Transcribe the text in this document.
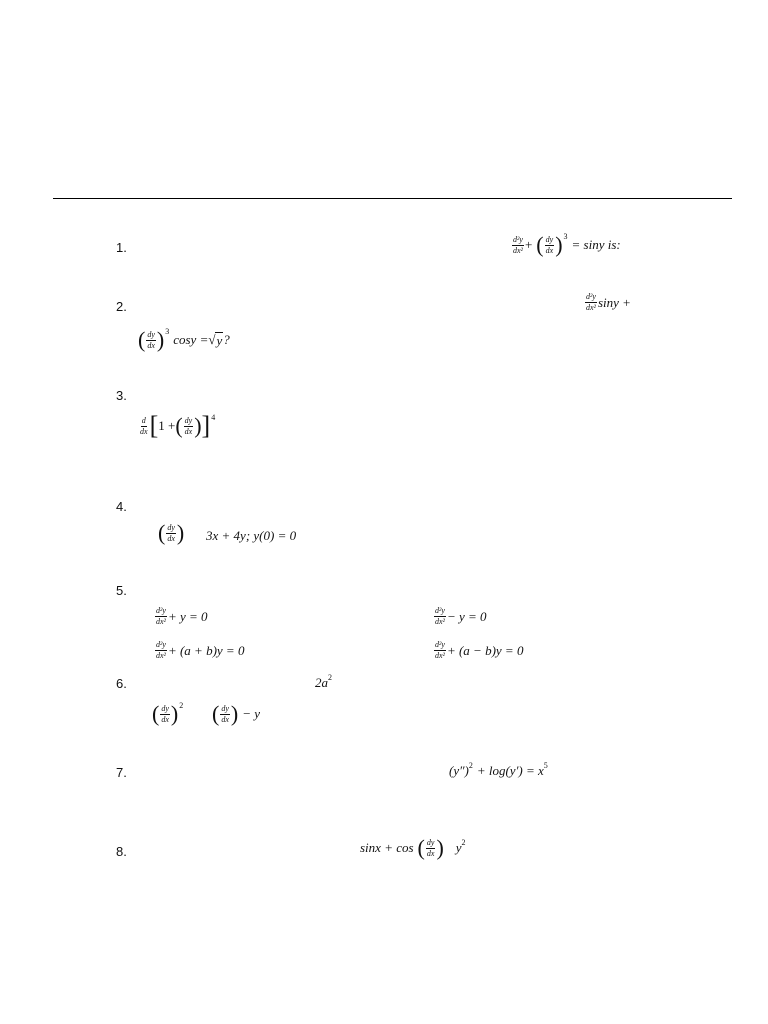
1.	$\frac{\text{d²y}}{\text{dx²}}$ + ( $\frac{dy}{dx}$ ) 3
= siny is:
2.	$\frac{\text{d²y}}{\text{dx²}}$ siny +
( $\frac{dy}{dx}$ ) 3
cosy = √ y ?
3.
$\frac{d}{dx}$ [ 1 + ( $\frac{dy}{dx}$ ) ] 4
4.
( $\frac{dy}{dx}$ ) 3x + 4y; y(0) = 0
5.
$\frac{\text{d²y}}{\text{dx²}} + y = 0$	$\frac{\text{d²y}}{\text{dx²}} - y = 0$
$\frac{\text{d²y}}{\text{dx²}} + (a + b)y = 0$	$\frac{\text{d²y}}{\text{dx²}} + (a - b)y = 0$
6.	2a 2
( $\frac{dy}{dx}$ ) 2 ( $\frac{dy}{dx}$ ) − y
7.	(y″) 2 + log(y′) = x 5
8.	sinx + cos ( $\frac{dy}{dx}$ ) y 2
